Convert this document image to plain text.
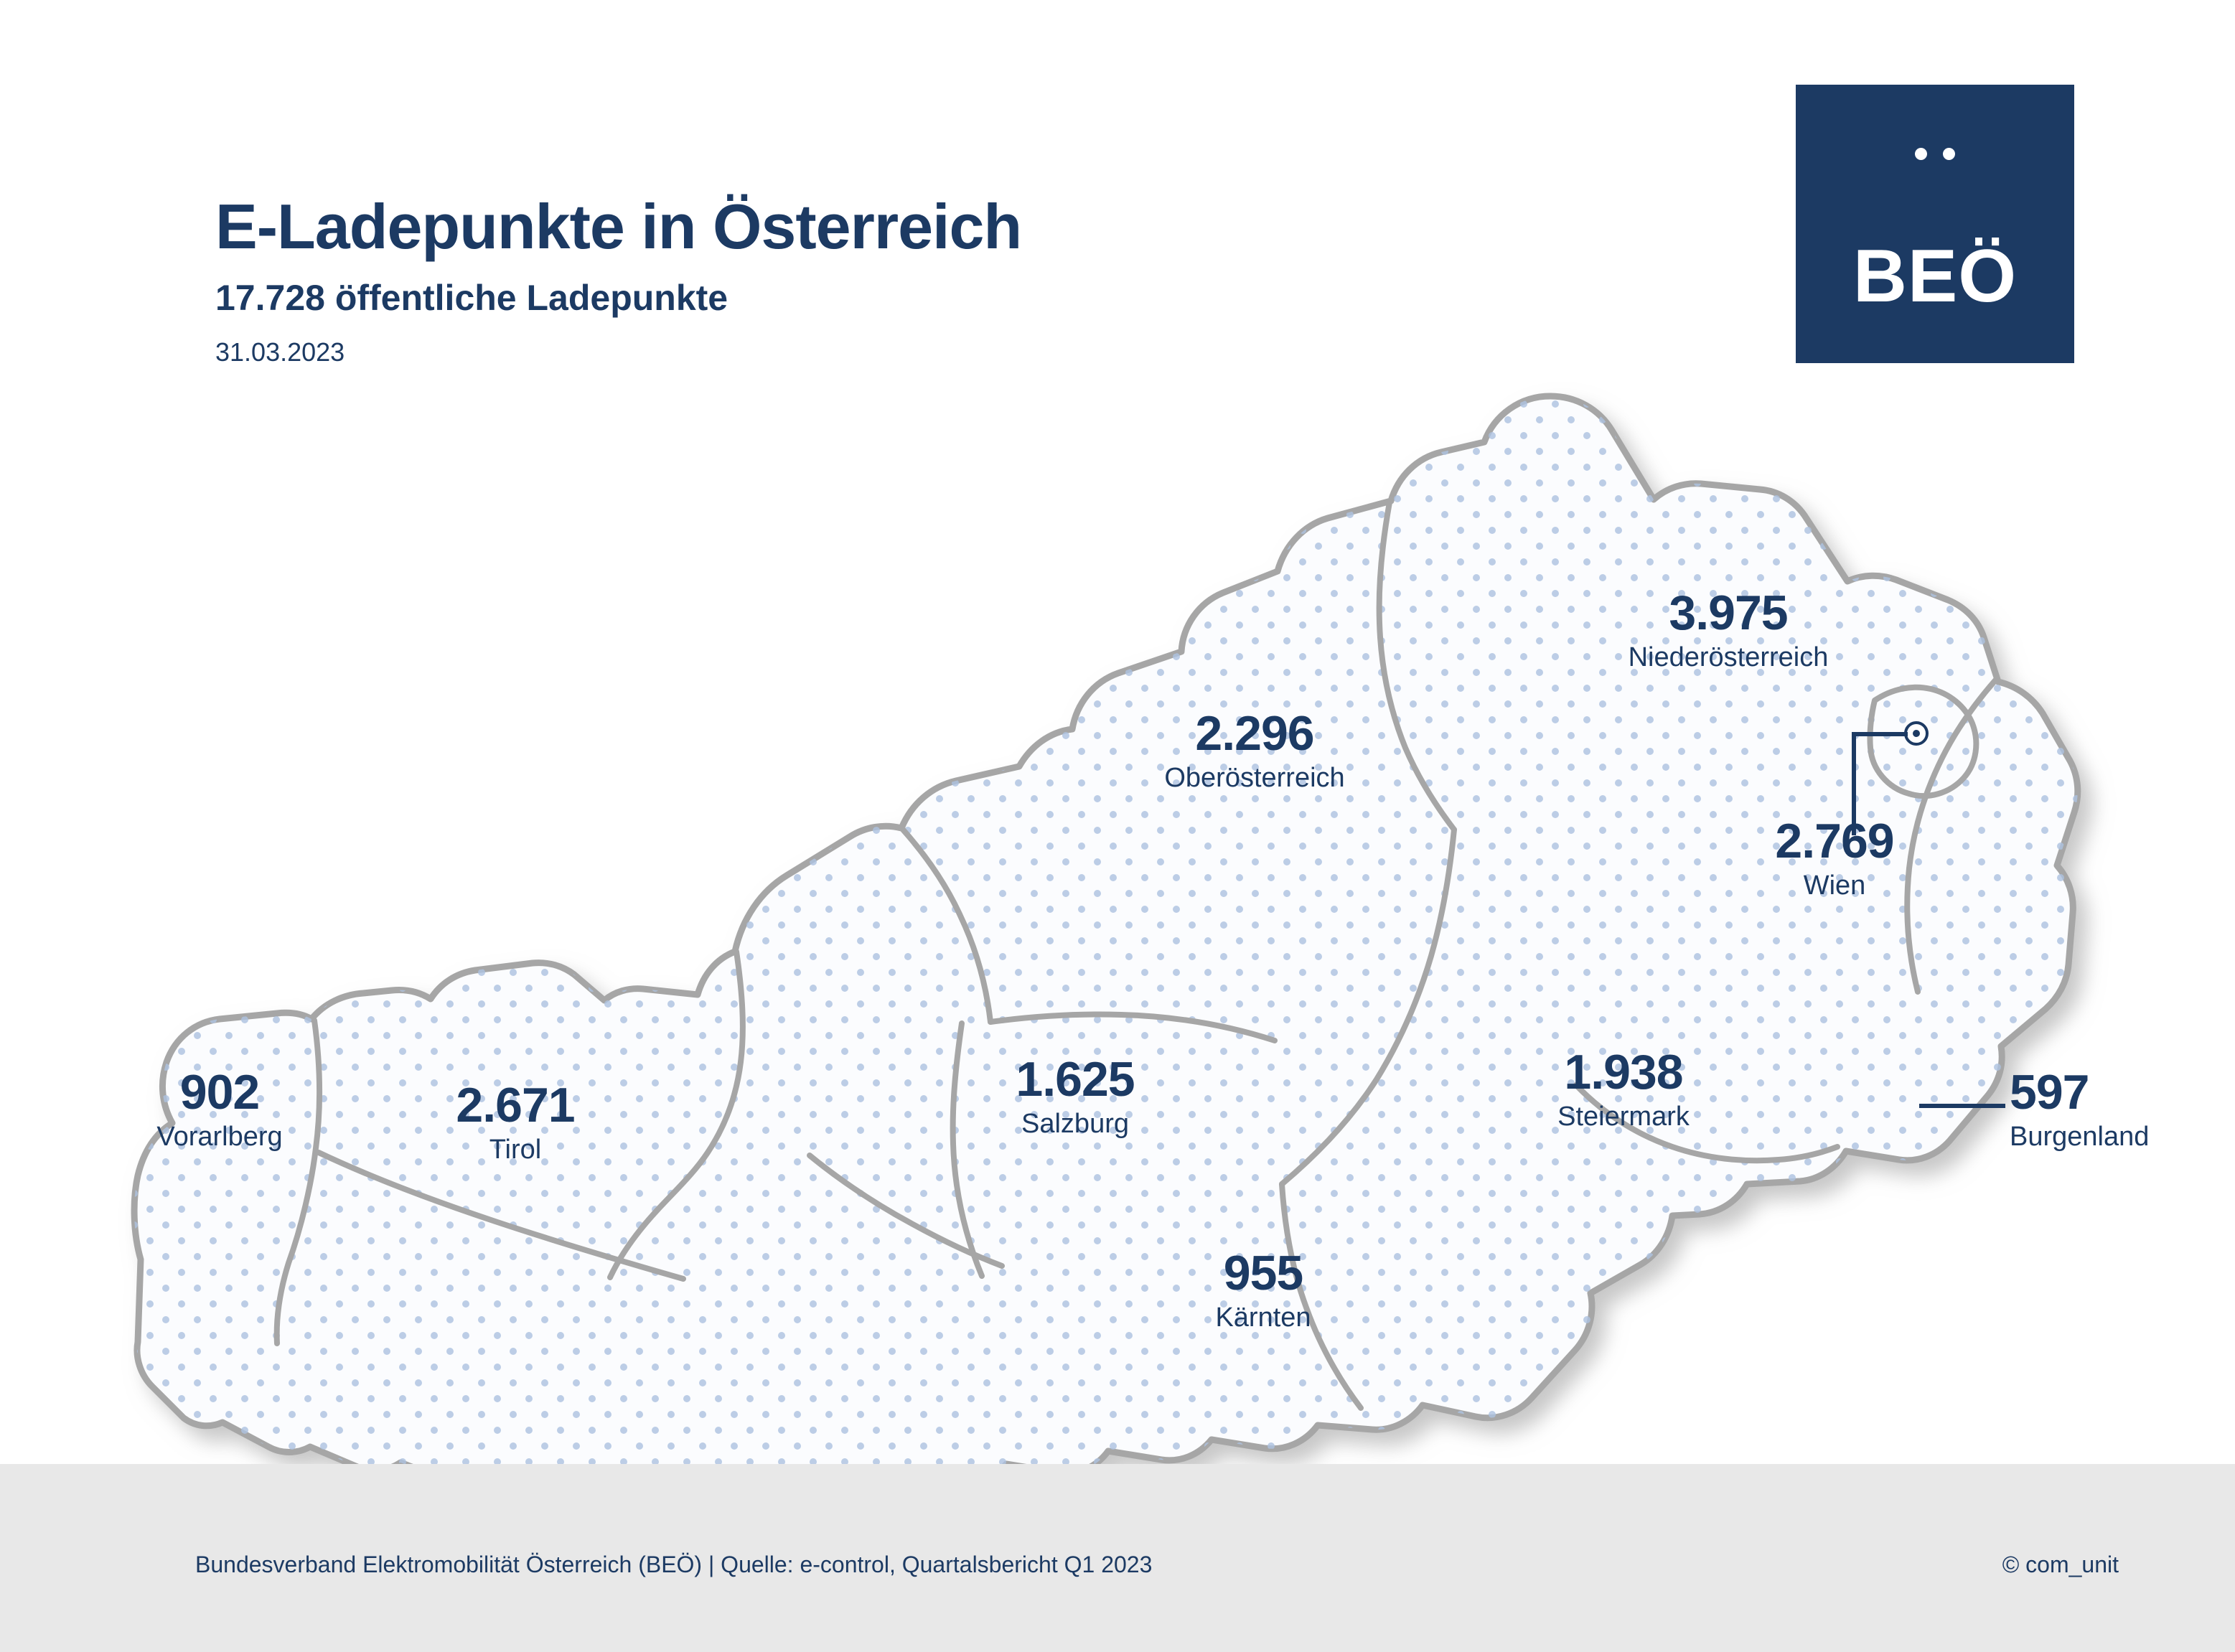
E-Ladepunkte in Österreich
17.728 öffentliche Ladepunkte
31.03.2023
BEÖ
3.975
Niederösterreich
2.296
Oberösterreich
2.769
Wien
1.938
Steiermark
1.625
Salzburg
2.671
Tirol
955
Kärnten
902
Vorarlberg
597
Burgenland
Bundesverband Elektromobilität Österreich (BEÖ) | Quelle: e-control, Quartalsbericht Q1 2023	© com_unit
